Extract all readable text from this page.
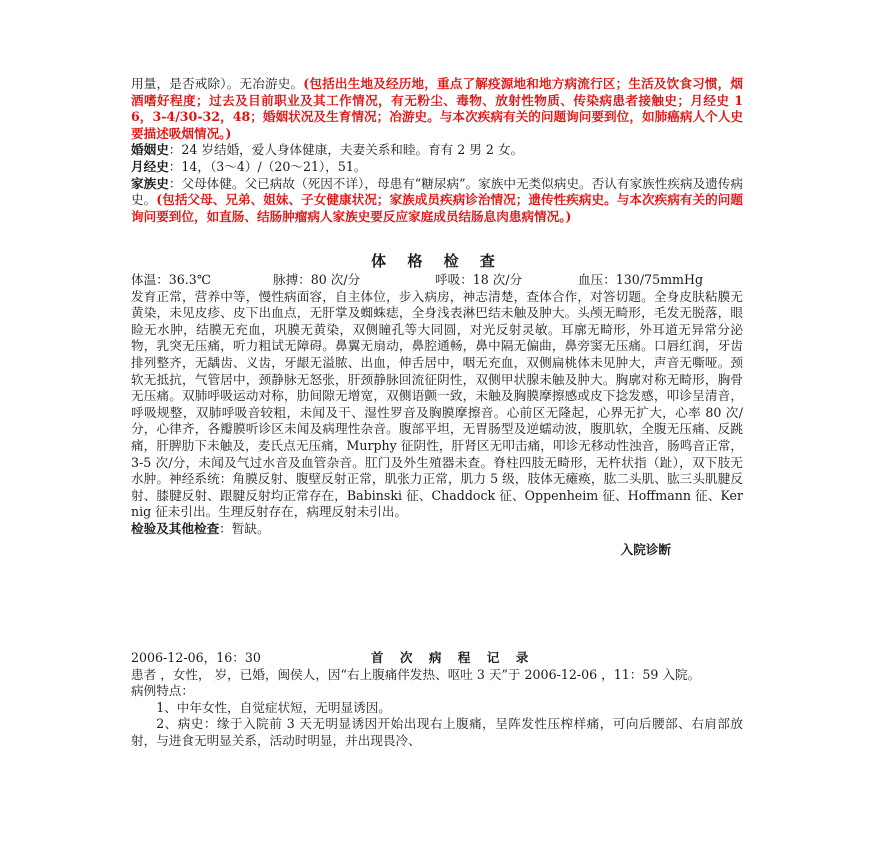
用量，是否戒除）。无冶游史。(包括出生地及经历地，重点了解疫源地和地方病流行区；生活及饮食习惯，烟酒嗜好程度；过去及目前职业及其工作情况，有无粉尘、毒物、放射性物质、传染病患者接触史；月经史 16，3-4/30-32，48；婚姻状况及生育情况；冶游史。与本次疾病有关的问题询问要到位，如肺癌病人个人史要描述吸烟情况。)

婚姻史：24 岁结婚，爱人身体健康，夫妻关系和睦。育有 2 男 2 女。

月经史：14，（3～4）/（20～21），51。

家族史：父母体健。父已病故（死因不详），母患有“糖尿病”。家族中无类似病史。否认有家族性疾病及遗传病史。(包括父母、兄弟、姐妹、子女健康状况；家族成员疾病诊治情况；遗传性疾病史。与本次疾病有关的问题询问要到位，如直肠、结肠肿瘤病人家族史要反应家庭成员结肠息肉患病情况。)

体 格 检 查

体温：36.3℃	脉搏：80 次/分	呼吸：18 次/分	血压：130/75mmHg

发育正常，营养中等，慢性病面容，自主体位，步入病房，神志清楚，查体合作，对答切题。全身皮肤粘膜无黄染，未见皮疹、皮下出血点，无肝掌及蜘蛛痣，全身浅表淋巴结未触及肿大。头颅无畸形，毛发无脱落，眼睑无水肿，结膜无充血，巩膜无黄染，双侧瞳孔等大同圆，对光反射灵敏。耳廓无畸形，外耳道无异常分泌物，乳突无压痛，听力粗试无障碍。鼻翼无扇动，鼻腔通畅，鼻中隔无偏曲，鼻旁窦无压痛。口唇红润，牙齿排列整齐，无龋齿、义齿，牙龈无溢脓、出血，伸舌居中，咽无充血，双侧扁桃体未见肿大，声音无嘶哑。颈软无抵抗，气管居中，颈静脉无怒张，肝颈静脉回流征阴性，双侧甲状腺未触及肿大。胸廓对称无畸形，胸骨无压痛。双肺呼吸运动对称，肋间隙无增宽，双侧语颤一致，未触及胸膜摩擦感或皮下捻发感，叩诊呈清音，呼吸规整，双肺呼吸音较粗，未闻及干、湿性罗音及胸膜摩擦音。心前区无隆起，心界无扩大，心率 80 次/分，心律齐，各瓣膜听诊区未闻及病理性杂音。腹部平坦，无胃肠型及逆蠕动波，腹肌软，全腹无压痛、反跳痛，肝脾肋下未触及，麦氏点无压痛，Murphy 征阴性，肝肾区无叩击痛，叩诊无移动性浊音，肠鸣音正常，3-5 次/分，未闻及气过水音及血管杂音。肛门及外生殖器未查。脊柱四肢无畸形，无杵状指（趾），双下肢无水肿。神经系统：角膜反射、腹壁反射正常，肌张力正常，肌力 5 级，肢体无瘫痪，肱二头肌、肱三头肌腱反射、膝腱反射、跟腱反射均正常存在，Babinski 征、Chaddock 征、Oppenheim 征、Hoffmann 征、Kernig 征未引出。生理反射存在，病理反射未引出。

检验及其他检查：暂缺。

入院诊断

2006-12-06，16：30	首 次 病 程 记 录

患者 ，女性， 岁，已婚，闽侯人，因“右上腹痛伴发热、呕吐 3 天”于 2006-12-06 ，11：59 入院。

病例特点：

1、中年女性，自觉症状短，无明显诱因。

2、病史：缘于入院前 3 天无明显诱因开始出现右上腹痛，呈阵发性压榨样痛，可向后腰部、右肩部放射，与进食无明显关系，活动时明显，并出现畏冷、
